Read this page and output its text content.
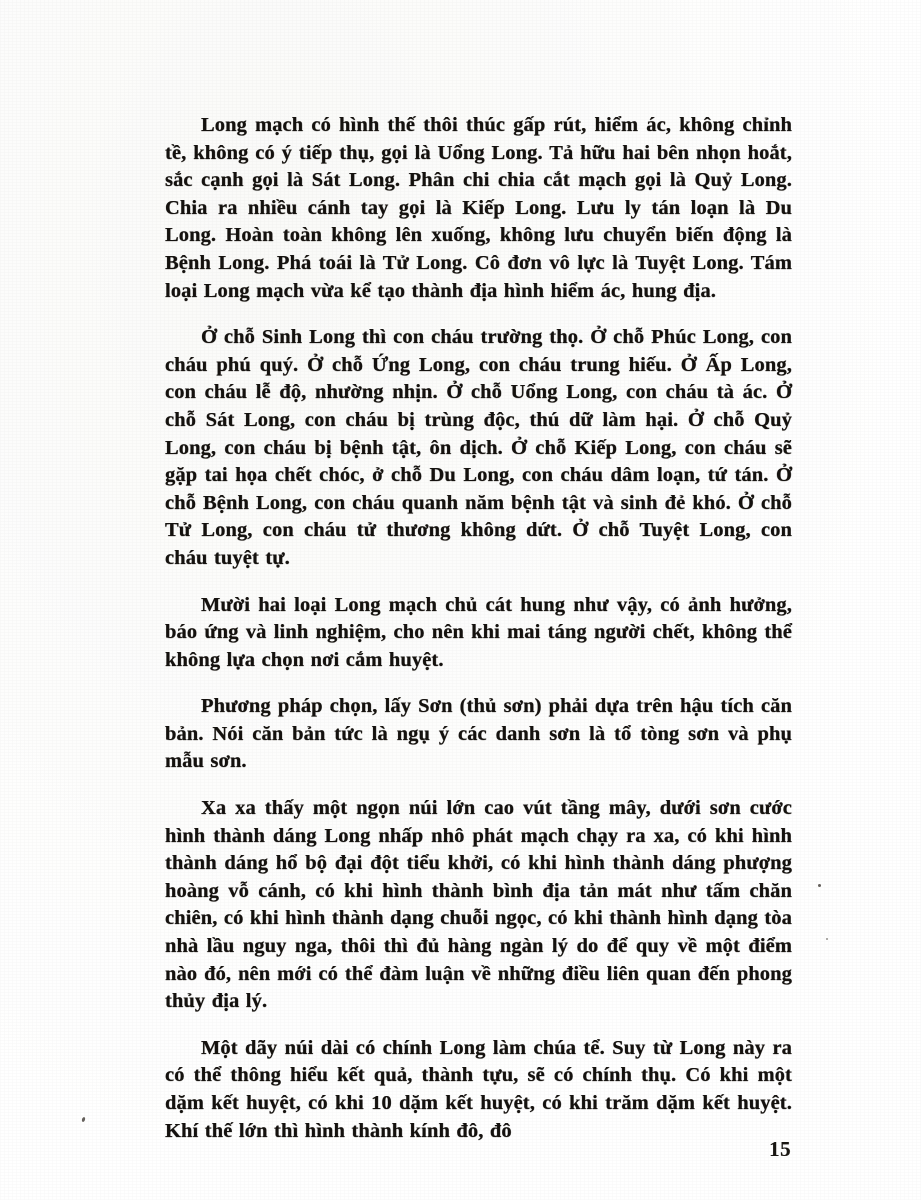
Long mạch có hình thế thôi thúc gấp rút, hiểm ác, không chỉnh tề, không có ý tiếp thụ, gọi là Uổng Long. Tả hữu hai bên nhọn hoắt, sắc cạnh gọi là Sát Long. Phân chi chia cắt mạch gọi là Quỷ Long. Chia ra nhiều cánh tay gọi là Kiếp Long. Lưu ly tán loạn là Du Long. Hoàn toàn không lên xuống, không lưu chuyển biến động là Bệnh Long. Phá toái là Tử Long. Cô đơn vô lực là Tuyệt Long. Tám loại Long mạch vừa kể tạo thành địa hình hiểm ác, hung địa.

Ở chỗ Sinh Long thì con cháu trường thọ. Ở chỗ Phúc Long, con cháu phú quý. Ở chỗ Ứng Long, con cháu trung hiếu. Ở Ấp Long, con cháu lễ độ, nhường nhịn. Ở chỗ Uổng Long, con cháu tà ác. Ở chỗ Sát Long, con cháu bị trùng độc, thú dữ làm hại. Ở chỗ Quỷ Long, con cháu bị bệnh tật, ôn dịch. Ở chỗ Kiếp Long, con cháu sẽ gặp tai họa chết chóc, ở chỗ Du Long, con cháu dâm loạn, tứ tán. Ở chỗ Bệnh Long, con cháu quanh năm bệnh tật và sinh đẻ khó. Ở chỗ Tử Long, con cháu tử thương không dứt. Ở chỗ Tuyệt Long, con cháu tuyệt tự.

Mười hai loại Long mạch chủ cát hung như vậy, có ảnh hưởng, báo ứng và linh nghiệm, cho nên khi mai táng người chết, không thể không lựa chọn nơi cắm huyệt.

Phương pháp chọn, lấy Sơn (thủ sơn) phải dựa trên hậu tích căn bản. Nói căn bản tức là ngụ ý các danh sơn là tổ tòng sơn và phụ mẫu sơn.

Xa xa thấy một ngọn núi lớn cao vút tầng mây, dưới sơn cước hình thành dáng Long nhấp nhô phát mạch chạy ra xa, có khi hình thành dáng hổ bộ đại đột tiểu khởi, có khi hình thành dáng phượng hoàng vỗ cánh, có khi hình thành bình địa tản mát như tấm chăn chiên, có khi hình thành dạng chuỗi ngọc, có khi thành hình dạng tòa nhà lầu nguy nga, thôi thì đủ hàng ngàn lý do để quy về một điểm nào đó, nên mới có thể đàm luận về những điều liên quan đến phong thủy địa lý.

Một dãy núi dài có chính Long làm chúa tể. Suy từ Long này ra có thể thông hiểu kết quả, thành tựu, sẽ có chính thụ. Có khi một dặm kết huyệt, có khi 10 dặm kết huyệt, có khi trăm dặm kết huyệt. Khí thế lớn thì hình thành kính đô, đô

15
